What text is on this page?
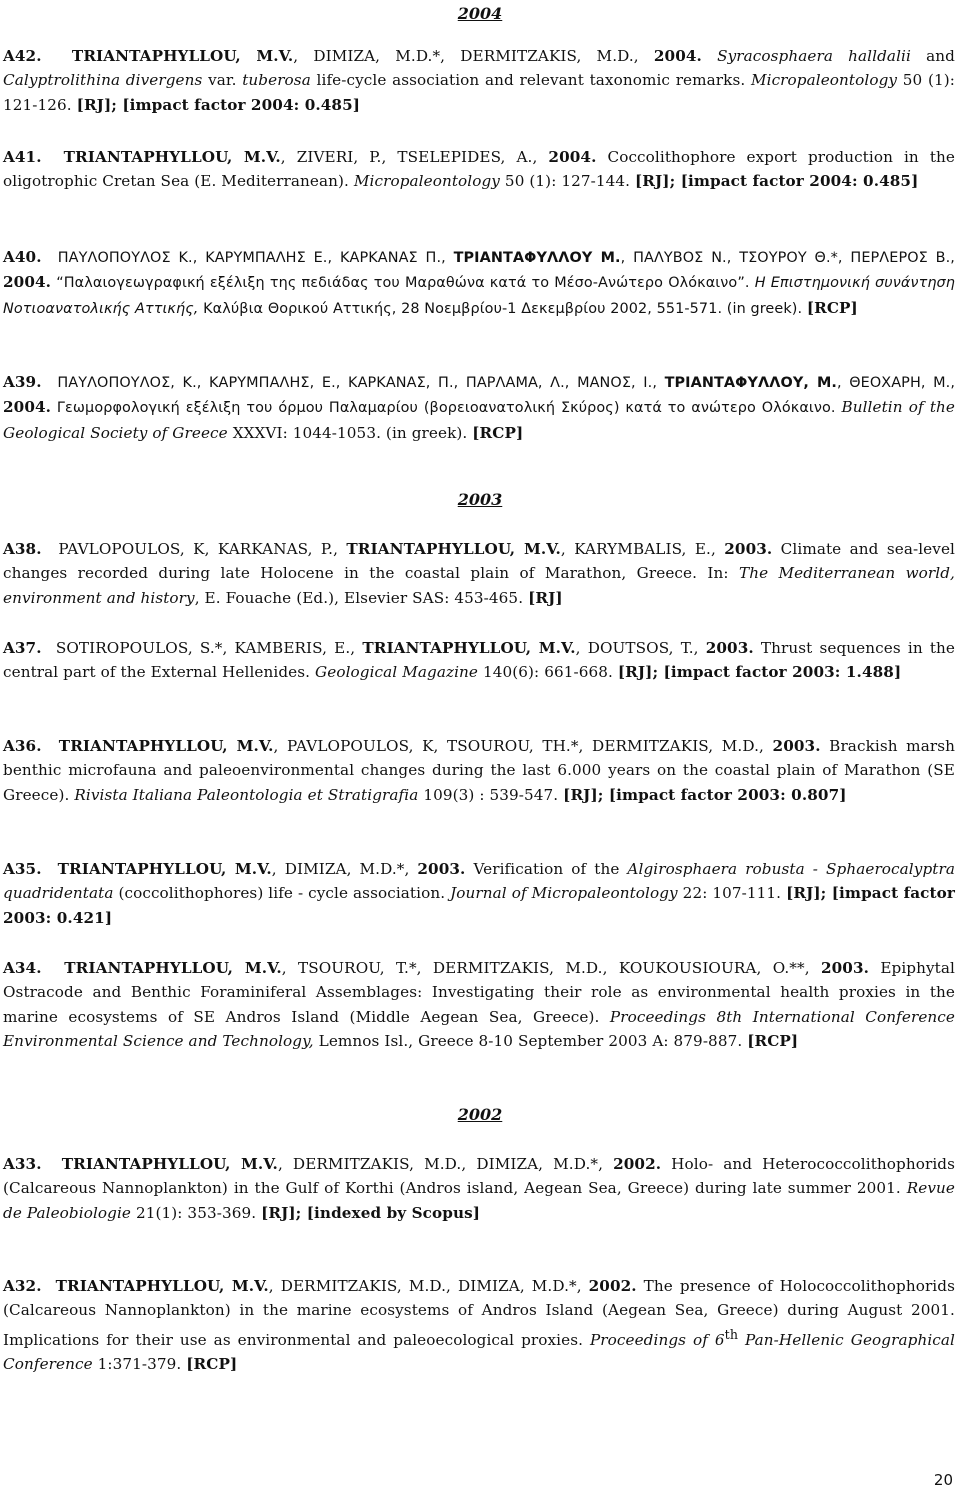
2004
A42. TRIANTAPHYLLOU, M.V., DIMIZA, M.D.*, DERMITZAKIS, M.D., 2004. Syracosphaera halldalii and Calyptrolithina divergens var. tuberosa life-cycle association and relevant taxonomic remarks. Micropaleontology 50 (1): 121-126. [RJ]; [impact factor 2004: 0.485]
A41. TRIANTAPHYLLOU, M.V., ZIVERI, P., TSELEPIDES, A., 2004. Coccolithophore export production in the oligotrophic Cretan Sea (E. Mediterranean). Micropaleontology 50 (1): 127-144. [RJ]; [impact factor 2004: 0.485]
A40. ΠΑΥΛΟΠΟΥΛΟΣ Κ., ΚΑΡΥΜΠΑΛΗΣ Ε., ΚΑΡΚΑΝΑΣ Π., ΤΡΙΑΝΤΑΦΥΛΛΟΥ Μ., ΠΑΛΥΒΟΣ Ν., ΤΣΟΥΡΟΥ Θ.*, ΠΕΡΛΕΡΟΣ Β., 2004. “Παλαιογεωγραφική εξέλιξη της πεδιάδας του Μαραθώνα κατά το Μέσο-Ανώτερο Ολόκαινο”. Η Επιστημονική συνάντηση Νοτιοανατολικής Αττικής, Καλύβια Θορικού Αττικής, 28 Νοεμβρίου-1 Δεκεμβρίου 2002, 551-571. (in greek). [RCP]
A39. ΠΑΥΛΟΠΟΥΛΟΣ, Κ., ΚΑΡΥΜΠΑΛΗΣ, Ε., ΚΑΡΚΑΝΑΣ, Π., ΠΑΡΛΑΜΑ, Λ., ΜΑΝΟΣ, Ι., ΤΡΙΑΝΤΑΦΥΛΛΟΥ, Μ., ΘΕΟΧΑΡΗ, Μ., 2004. Γεωμορφολογική εξέλιξη του όρμου Παλαμαρίου (βορειοανατολική Σκύρος) κατά το ανώτερο Ολόκαινο. Bulletin of the Geological Society of Greece XXXVI: 1044-1053. (in greek). [RCP]
2003
A38. PAVLOPOULOS, K, KARKANAS, P., TRIANTAPHYLLOU, M.V., KARYMBALIS, E., 2003. Climate and sea-level changes recorded during late Holocene in the coastal plain of Marathon, Greece. In: The Mediterranean world, environment and history, E. Fouache (Ed.), Elsevier SAS: 453-465. [RJ]
A37. SOTIROPOULOS, S.*, KAMBERIS, E., TRIANTAPHYLLOU, M.V., DOUTSOS, T., 2003. Thrust sequences in the central part of the External Hellenides. Geological Magazine 140(6): 661-668. [RJ]; [impact factor 2003: 1.488]
A36. TRIANTAPHYLLOU, M.V., PAVLOPOULOS, K, TSOUROU, TH.*, DERMITZAKIS, M.D., 2003. Brackish marsh benthic microfauna and paleoenvironmental changes during the last 6.000 years on the coastal plain of Marathon (SE Greece). Rivista Italiana Paleontologia et Stratigrafia 109(3) : 539-547. [RJ]; [impact factor 2003: 0.807]
A35. TRIANTAPHYLLOU, M.V., DIMIZA, M.D.*, 2003. Verification of the Algirosphaera robusta - Sphaerocalyptra quadridentata (coccolithophores) life - cycle association. Journal of Micropaleontology 22: 107-111. [RJ]; [impact factor 2003: 0.421]
A34. TRIANTAPHYLLOU, M.V., TSOUROU, T.*, DERMITZAKIS, M.D., KOUKOUSIOURA, O.**, 2003. Epiphytal Ostracode and Benthic Foraminiferal Assemblages: Investigating their role as environmental health proxies in the marine ecosystems of SE Andros Island (Middle Aegean Sea, Greece). Proceedings 8th International Conference Environmental Science and Technology, Lemnos Isl., Greece 8-10 September 2003 A: 879-887. [RCP]
2002
A33. TRIANTAPHYLLOU, M.V., DERMITZAKIS, M.D., DIMIZA, M.D.*, 2002. Holo- and Heterococcolithophorids (Calcareous Nannoplankton) in the Gulf of Korthi (Andros island, Aegean Sea, Greece) during late summer 2001. Revue de Paleobiologie 21(1): 353-369. [RJ]; [indexed by Scopus]
A32. TRIANTAPHYLLOU, M.V., DERMITZAKIS, M.D., DIMIZA, M.D.*, 2002. The presence of Holococcolithophorids (Calcareous Nannoplankton) in the marine ecosystems of Andros Island (Aegean Sea, Greece) during August 2001. Implications for their use as environmental and paleoecological proxies. Proceedings of 6th Pan-Hellenic Geographical Conference 1:371-379. [RCP]
20
